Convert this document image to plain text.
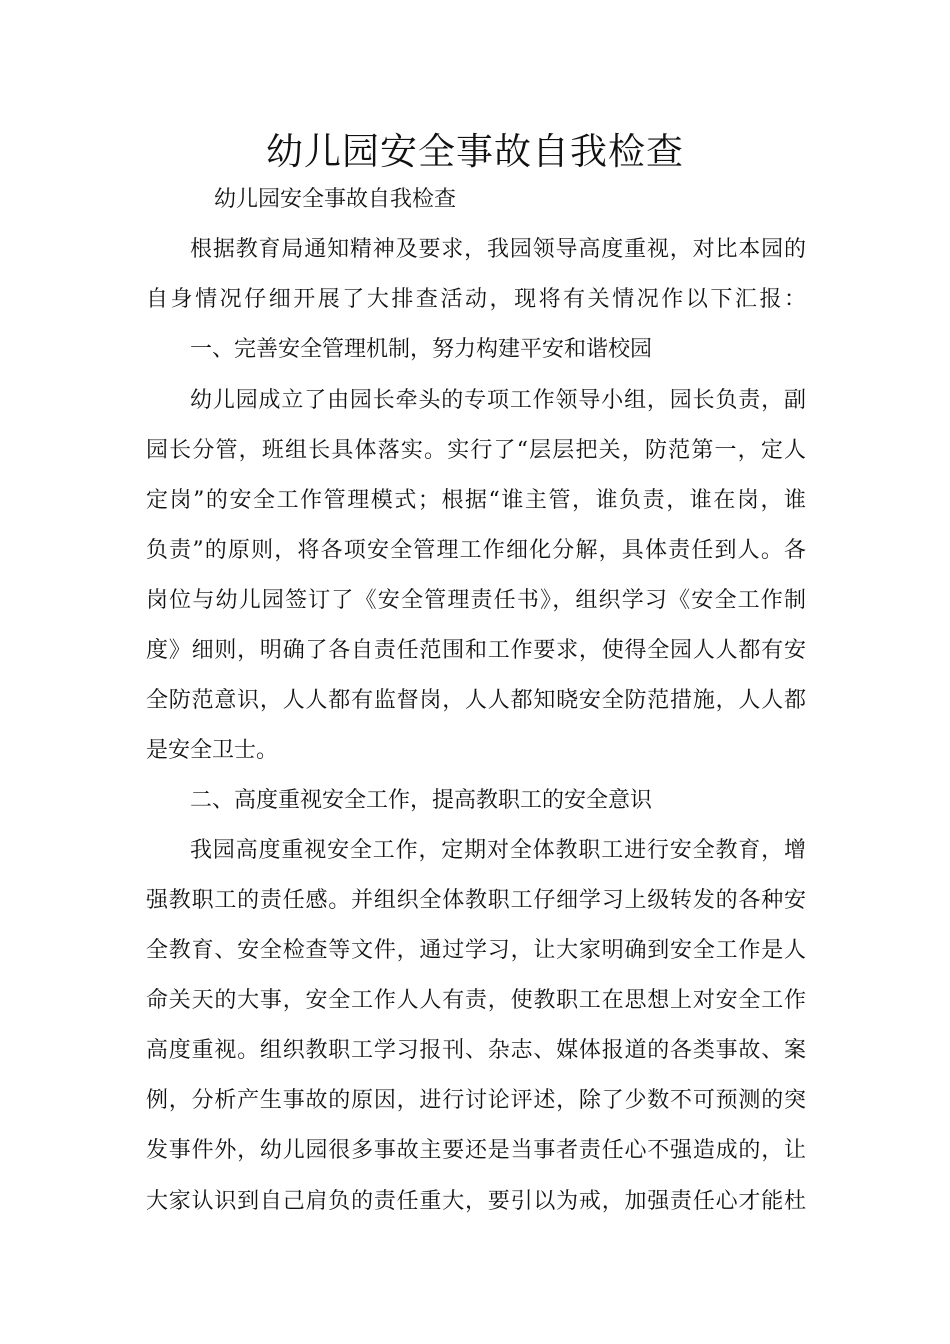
幼儿园安全事故自我检查
幼儿园安全事故自我检查
根据教育局通知精神及要求，我园领导高度重视，对比本园的
自身情况仔细开展了大排查活动，现将有关情况作以下汇报：
一、完善安全管理机制，努力构建平安和谐校园
幼儿园成立了由园长牵头的专项工作领导小组，园长负责，副
园长分管，班组长具体落实。实行了“层层把关，防范第一，定人
定岗”的安全工作管理模式；根据“谁主管，谁负责，谁在岗，谁
负责”的原则，将各项安全管理工作细化分解，具体责任到人。各
岗位与幼儿园签订了《安全管理责任书》，组织学习《安全工作制
度》细则，明确了各自责任范围和工作要求，使得全园人人都有安
全防范意识，人人都有监督岗，人人都知晓安全防范措施，人人都
是安全卫士。
二、高度重视安全工作，提高教职工的安全意识
我园高度重视安全工作，定期对全体教职工进行安全教育，增
强教职工的责任感。并组织全体教职工仔细学习上级转发的各种安
全教育、安全检查等文件，通过学习，让大家明确到安全工作是人
命关天的大事，安全工作人人有责，使教职工在思想上对安全工作
高度重视。组织教职工学习报刊、杂志、媒体报道的各类事故、案
例，分析产生事故的原因，进行讨论评述，除了少数不可预测的突
发事件外，幼儿园很多事故主要还是当事者责任心不强造成的，让
大家认识到自己肩负的责任重大，要引以为戒，加强责任心才能杜
